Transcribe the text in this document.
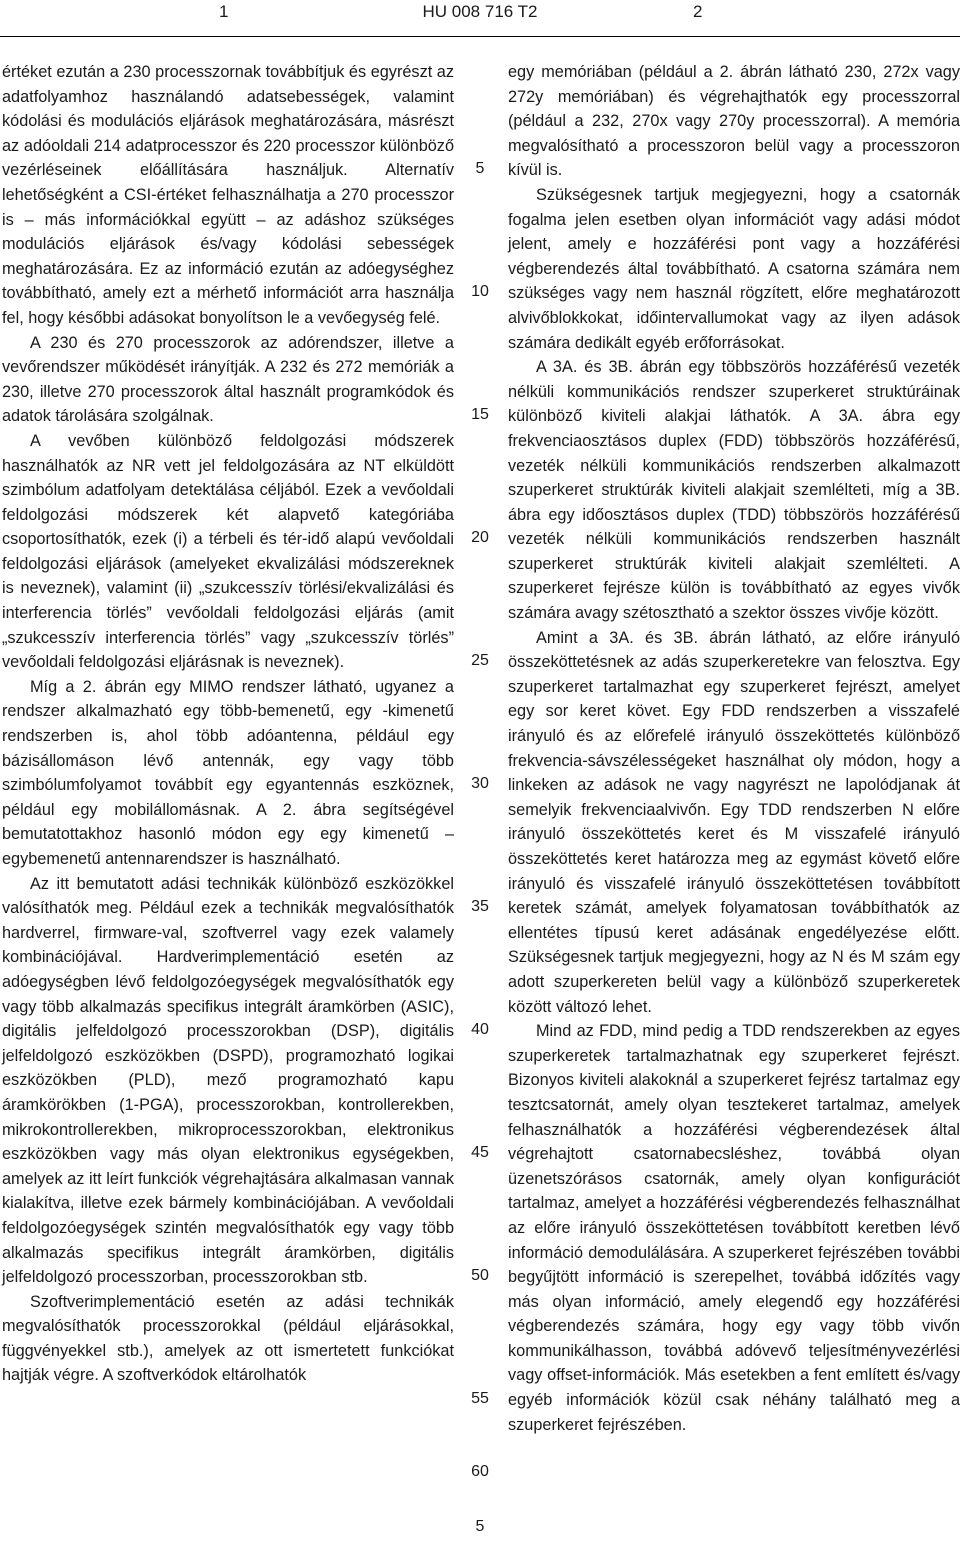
1	HU 008 716 T2	2

értéket ezután a 230 processzornak továbbítjuk és egyrészt az adatfolyamhoz használandó adatsebességek, valamint kódolási és modulációs eljárások meghatározására, másrészt az adóoldali 214 adatprocesszor és 220 processzor különböző vezérléseinek előállítására használjuk. Alternatív lehetőségként a CSI-értéket felhasználhatja a 270 processzor is – más információkkal együtt – az adáshoz szükséges modulációs eljárások és/vagy kódolási sebességek meghatározására. Ez az információ ezután az adóegységhez továbbítható, amely ezt a mérhető információt arra használja fel, hogy későbbi adásokat bonyolítson le a vevőegység felé.

A 230 és 270 processzorok az adórendszer, illetve a vevőrendszer működését irányítják. A 232 és 272 memóriák a 230, illetve 270 processzorok által használt programkódok és adatok tárolására szolgálnak.

A vevőben különböző feldolgozási módszerek használhatók az NR vett jel feldolgozására az NT elküldött szimbólum adatfolyam detektálása céljából. Ezek a vevőoldali feldolgozási módszerek két alapvető kategóriába csoportosíthatók, ezek (i) a térbeli és tér-idő alapú vevőoldali feldolgozási eljárások (amelyeket ekvalizálási módszereknek is neveznek), valamint (ii) „szukcesszív törlési/ekvalizálási és interferencia törlés” vevőoldali feldolgozási eljárás (amit „szukcesszív interferencia törlés” vagy „szukcesszív törlés” vevőoldali feldolgozási eljárásnak is neveznek).

Míg a 2. ábrán egy MIMO rendszer látható, ugyanez a rendszer alkalmazható egy több-bemenetű, egy -kimenetű rendszerben is, ahol több adóantenna, például egy bázisállomáson lévő antennák, egy vagy több szimbólumfolyamot továbbít egy egyantennás eszköznek, például egy mobilállomásnak. A 2. ábra segítségével bemutatottakhoz hasonló módon egy egy kimenetű – egybemenetű antennarendszer is használható.

Az itt bemutatott adási technikák különböző eszközökkel valósíthatók meg. Például ezek a technikák megvalósíthatók hardverrel, firmware-val, szoftverrel vagy ezek valamely kombinációjával. Hardverimplementáció esetén az adóegységben lévő feldolgozóegységek megvalósíthatók egy vagy több alkalmazás specifikus integrált áramkörben (ASIC), digitális jelfeldolgozó processzorokban (DSP), digitális jelfeldolgozó eszközökben (DSPD), programozható logikai eszközökben (PLD), mező programozható kapu áramkörökben (1-PGA), processzorokban, kontrollerekben, mikrokontrollerekben, mikroprocesszorokban, elektronikus eszközökben vagy más olyan elektronikus egységekben, amelyek az itt leírt funkciók végrehajtására alkalmasan vannak kialakítva, illetve ezek bármely kombinációjában. A vevőoldali feldolgozóegységek szintén megvalósíthatók egy vagy több alkalmazás specifikus integrált áramkörben, digitális jelfeldolgozó processzorban, processzorokban stb.

Szoftverimplementáció esetén az adási technikák megvalósíthatók processzorokkal (például eljárásokkal, függvényekkel stb.), amelyek az ott ismertetett funkciókat hajtják végre. A szoftverkódok eltárolhatók

5
10
15
20
25
30
35
40
45
50
55
60

egy memóriában (például a 2. ábrán látható 230, 272x vagy 272y memóriában) és végrehajthatók egy processzorral (például a 232, 270x vagy 270y processzorral). A memória megvalósítható a processzoron belül vagy a processzoron kívül is.

Szükségesnek tartjuk megjegyezni, hogy a csatornák fogalma jelen esetben olyan információt vagy adási módot jelent, amely e hozzáférési pont vagy a hozzáférési végberendezés által továbbítható. A csatorna számára nem szükséges vagy nem használ rögzített, előre meghatározott alvivőblokkokat, időintervallumokat vagy az ilyen adások számára dedikált egyéb erőforrásokat.

A 3A. és 3B. ábrán egy többszörös hozzáférésű vezeték nélküli kommunikációs rendszer szuperkeret struktúráinak különböző kiviteli alakjai láthatók. A 3A. ábra egy frekvenciaosztásos duplex (FDD) többszörös hozzáférésű, vezeték nélküli kommunikációs rendszerben alkalmazott szuperkeret struktúrák kiviteli alakjait szemlélteti, míg a 3B. ábra egy időosztásos duplex (TDD) többszörös hozzáférésű vezeték nélküli kommunikációs rendszerben használt szuperkeret struktúrák kiviteli alakjait szemlélteti. A szuperkeret fejrésze külön is továbbítható az egyes vivők számára avagy szétosztható a szektor összes vivője között.

Amint a 3A. és 3B. ábrán látható, az előre irányuló összeköttetésnek az adás szuperkeretekre van felosztva. Egy szuperkeret tartalmazhat egy szuperkeret fejrészt, amelyet egy sor keret követ. Egy FDD rendszerben a visszafelé irányuló és az előrefelé irányuló összeköttetés különböző frekvencia-sávszélességeket használhat oly módon, hogy a linkeken az adások ne vagy nagyrészt ne lapolódjanak át semelyik frekvenciaalvivőn. Egy TDD rendszerben N előre irányuló összeköttetés keret és M visszafelé irányuló összeköttetés keret határozza meg az egymást követő előre irányuló és visszafelé irányuló összeköttetésen továbbított keretek számát, amelyek folyamatosan továbbíthatók az ellentétes típusú keret adásának engedélyezése előtt. Szükségesnek tartjuk megjegyezni, hogy az N és M szám egy adott szuperkereten belül vagy a különböző szuperkeretek között változó lehet.

Mind az FDD, mind pedig a TDD rendszerekben az egyes szuperkeretek tartalmazhatnak egy szuperkeret fejrészt. Bizonyos kiviteli alakoknál a szuperkeret fejrész tartalmaz egy tesztcsatornát, amely olyan tesztekeret tartalmaz, amelyek felhasználhatók a hozzáférési végberendezések által végrehajtott csatornabecsléshez, továbbá olyan üzenetszórásos csatornák, amely olyan konfigurációt tartalmaz, amelyet a hozzáférési végberendezés felhasználhat az előre irányuló összeköttetésen továbbított keretben lévő információ demodulálására. A szuperkeret fejrészében további begyűjtött információ is szerepelhet, továbbá időzítés vagy más olyan információ, amely elegendő egy hozzáférési végberendezés számára, hogy egy vagy több vivőn kommunikálhasson, továbbá adóvevő teljesítményvezérlési vagy offset-információk. Más esetekben a fent említett és/vagy egyéb információk közül csak néhány található meg a szuperkeret fejrészében.

5
